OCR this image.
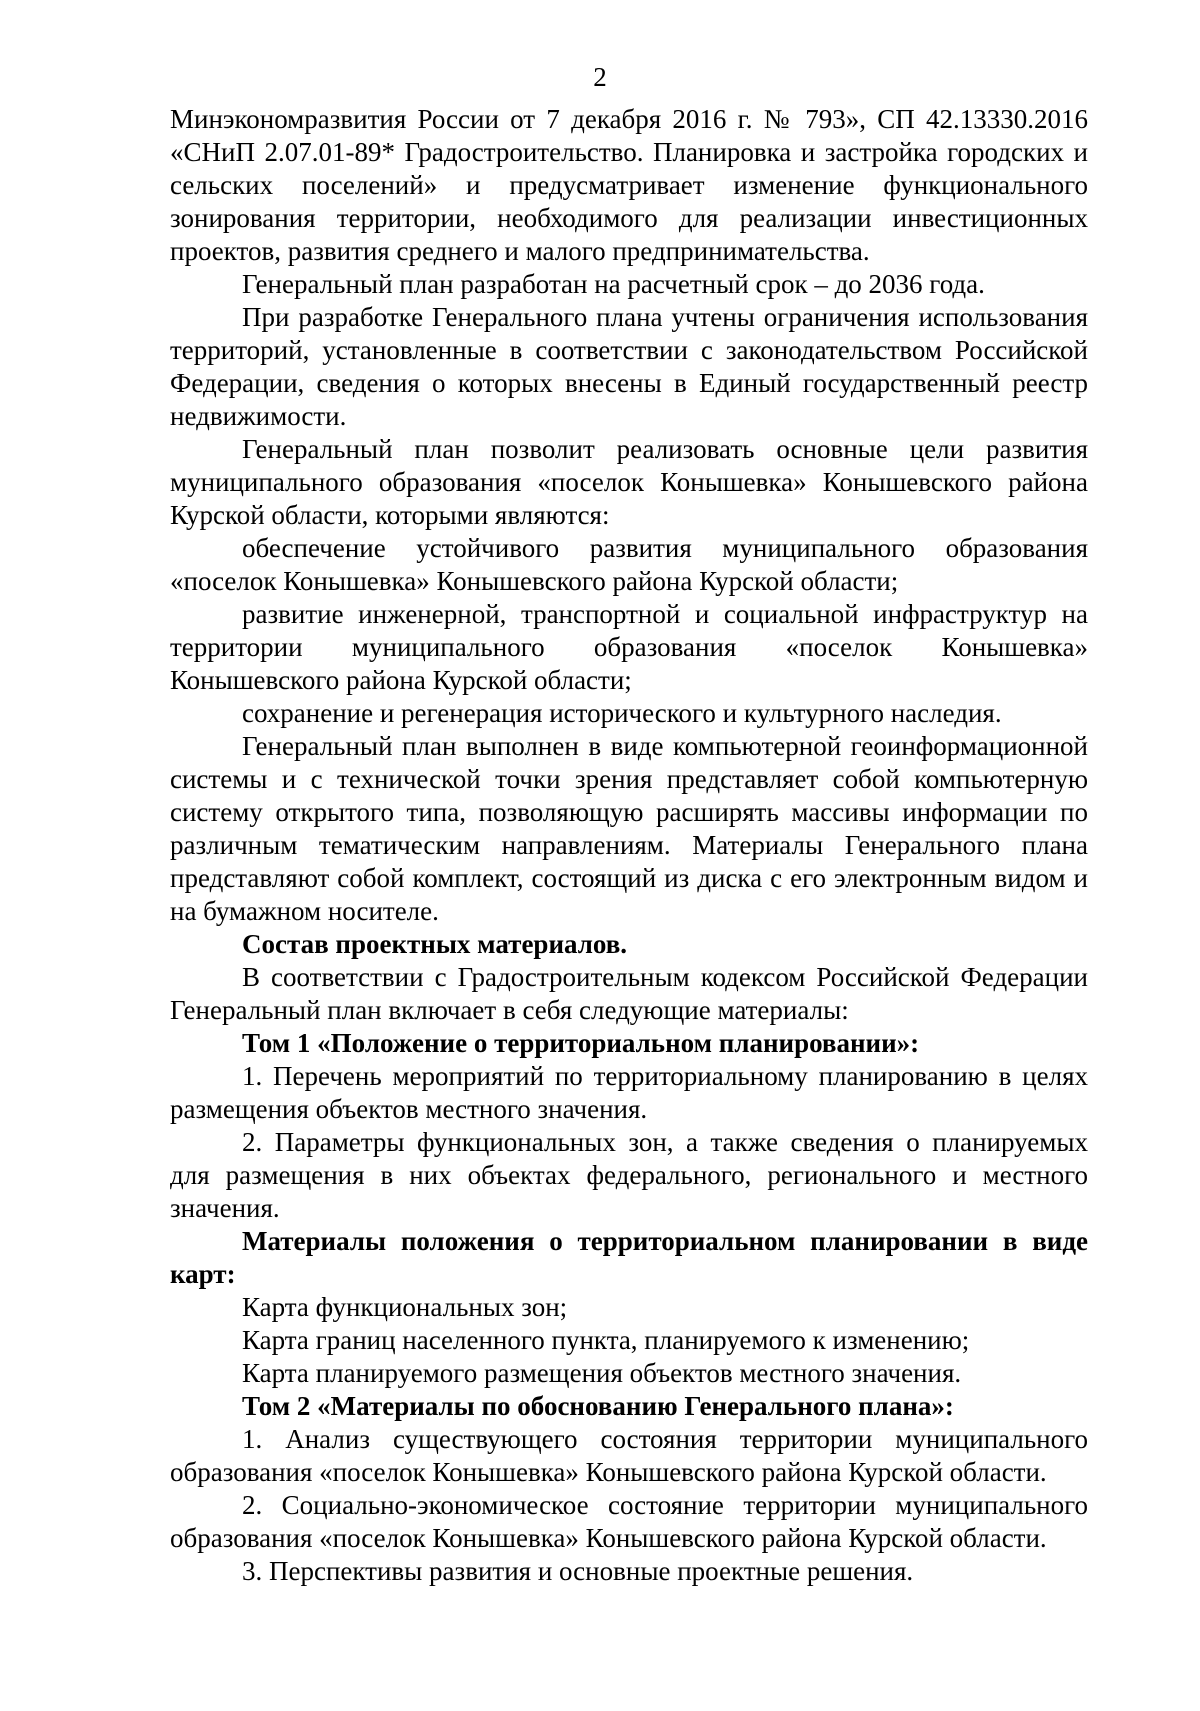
2

Минэкономразвития России от 7 декабря 2016 г. № 793», СП 42.13330.2016 «СНиП 2.07.01-89* Градостроительство. Планировка и застройка городских и сельских поселений» и предусматривает изменение функционального зонирования территории, необходимого для реализации инвестиционных проектов, развития среднего и малого предпринимательства.

Генеральный план разработан на расчетный срок – до 2036 года.

При разработке Генерального плана учтены ограничения использования территорий, установленные в соответствии с законодательством Российской Федерации, сведения о которых внесены в Единый государственный реестр недвижимости.

Генеральный план позволит реализовать основные цели развития муниципального образования «поселок Конышевка» Конышевского района Курской области, которыми являются:

обеспечение устойчивого развития муниципального образования «поселок Конышевка» Конышевского района Курской области;

развитие инженерной, транспортной и социальной инфраструктур на территории муниципального образования «поселок Конышевка» Конышевского района Курской области;

сохранение и регенерация исторического и культурного наследия.

Генеральный план выполнен в виде компьютерной геоинформационной системы и с технической точки зрения представляет собой компьютерную систему открытого типа, позволяющую расширять массивы информации по различным тематическим направлениям. Материалы Генерального плана представляют собой комплект, состоящий из диска с его электронным видом и на бумажном носителе.

Состав проектных материалов.

В соответствии с Градостроительным кодексом Российской Федерации Генеральный план включает в себя следующие материалы:

Том 1 «Положение о территориальном планировании»:

1. Перечень мероприятий по территориальному планированию в целях размещения объектов местного значения.

2. Параметры функциональных зон, а также сведения о планируемых для размещения в них объектах федерального, регионального и местного значения.

Материалы положения о территориальном планировании в виде карт:

Карта функциональных зон;

Карта границ населенного пункта, планируемого к изменению;

Карта планируемого размещения объектов местного значения.

Том 2 «Материалы по обоснованию Генерального плана»:

1. Анализ существующего состояния территории муниципального образования «поселок Конышевка» Конышевского района Курской области.

2. Социально-экономическое состояние территории муниципального образования «поселок Конышевка» Конышевского района Курской области.

3. Перспективы развития и основные проектные решения.
